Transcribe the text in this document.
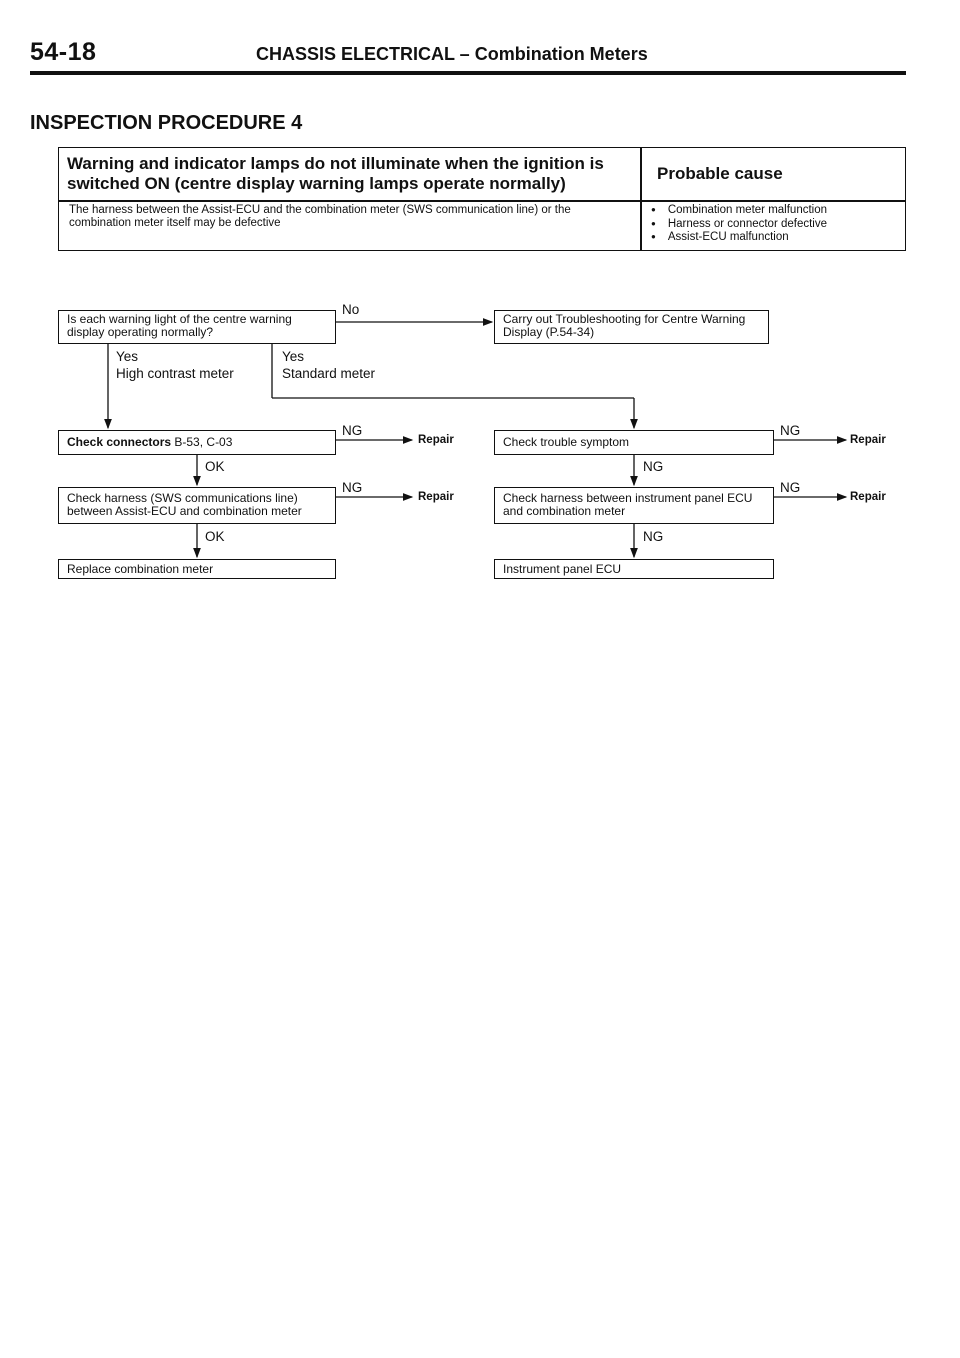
54-18	CHASSIS ELECTRICAL – Combination Meters
INSPECTION PROCEDURE 4
Warning and indicator lamps do not illuminate when the ignition is switched ON (centre display warning lamps operate normally)
Probable cause
The harness between the Assist-ECU and the combination meter (SWS communication line) or the combination meter itself may be defective
● Combination meter malfunction
● Harness or connector defective
● Assist-ECU malfunction
Is each warning light of the centre warning display operating normally?
No
Carry out Troubleshooting for Centre Warning Display (P.54-34)
Yes
High contrast meter
Yes
Standard meter
Check connectors B-53, C-03
NG
Repair
OK
Check harness (SWS communications line) between Assist-ECU and combination meter
NG
Repair
OK
Replace combination meter
Check trouble symptom
NG
Repair
NG
Check harness between instrument panel ECU and combination meter
NG
Repair
NG
Instrument panel ECU
